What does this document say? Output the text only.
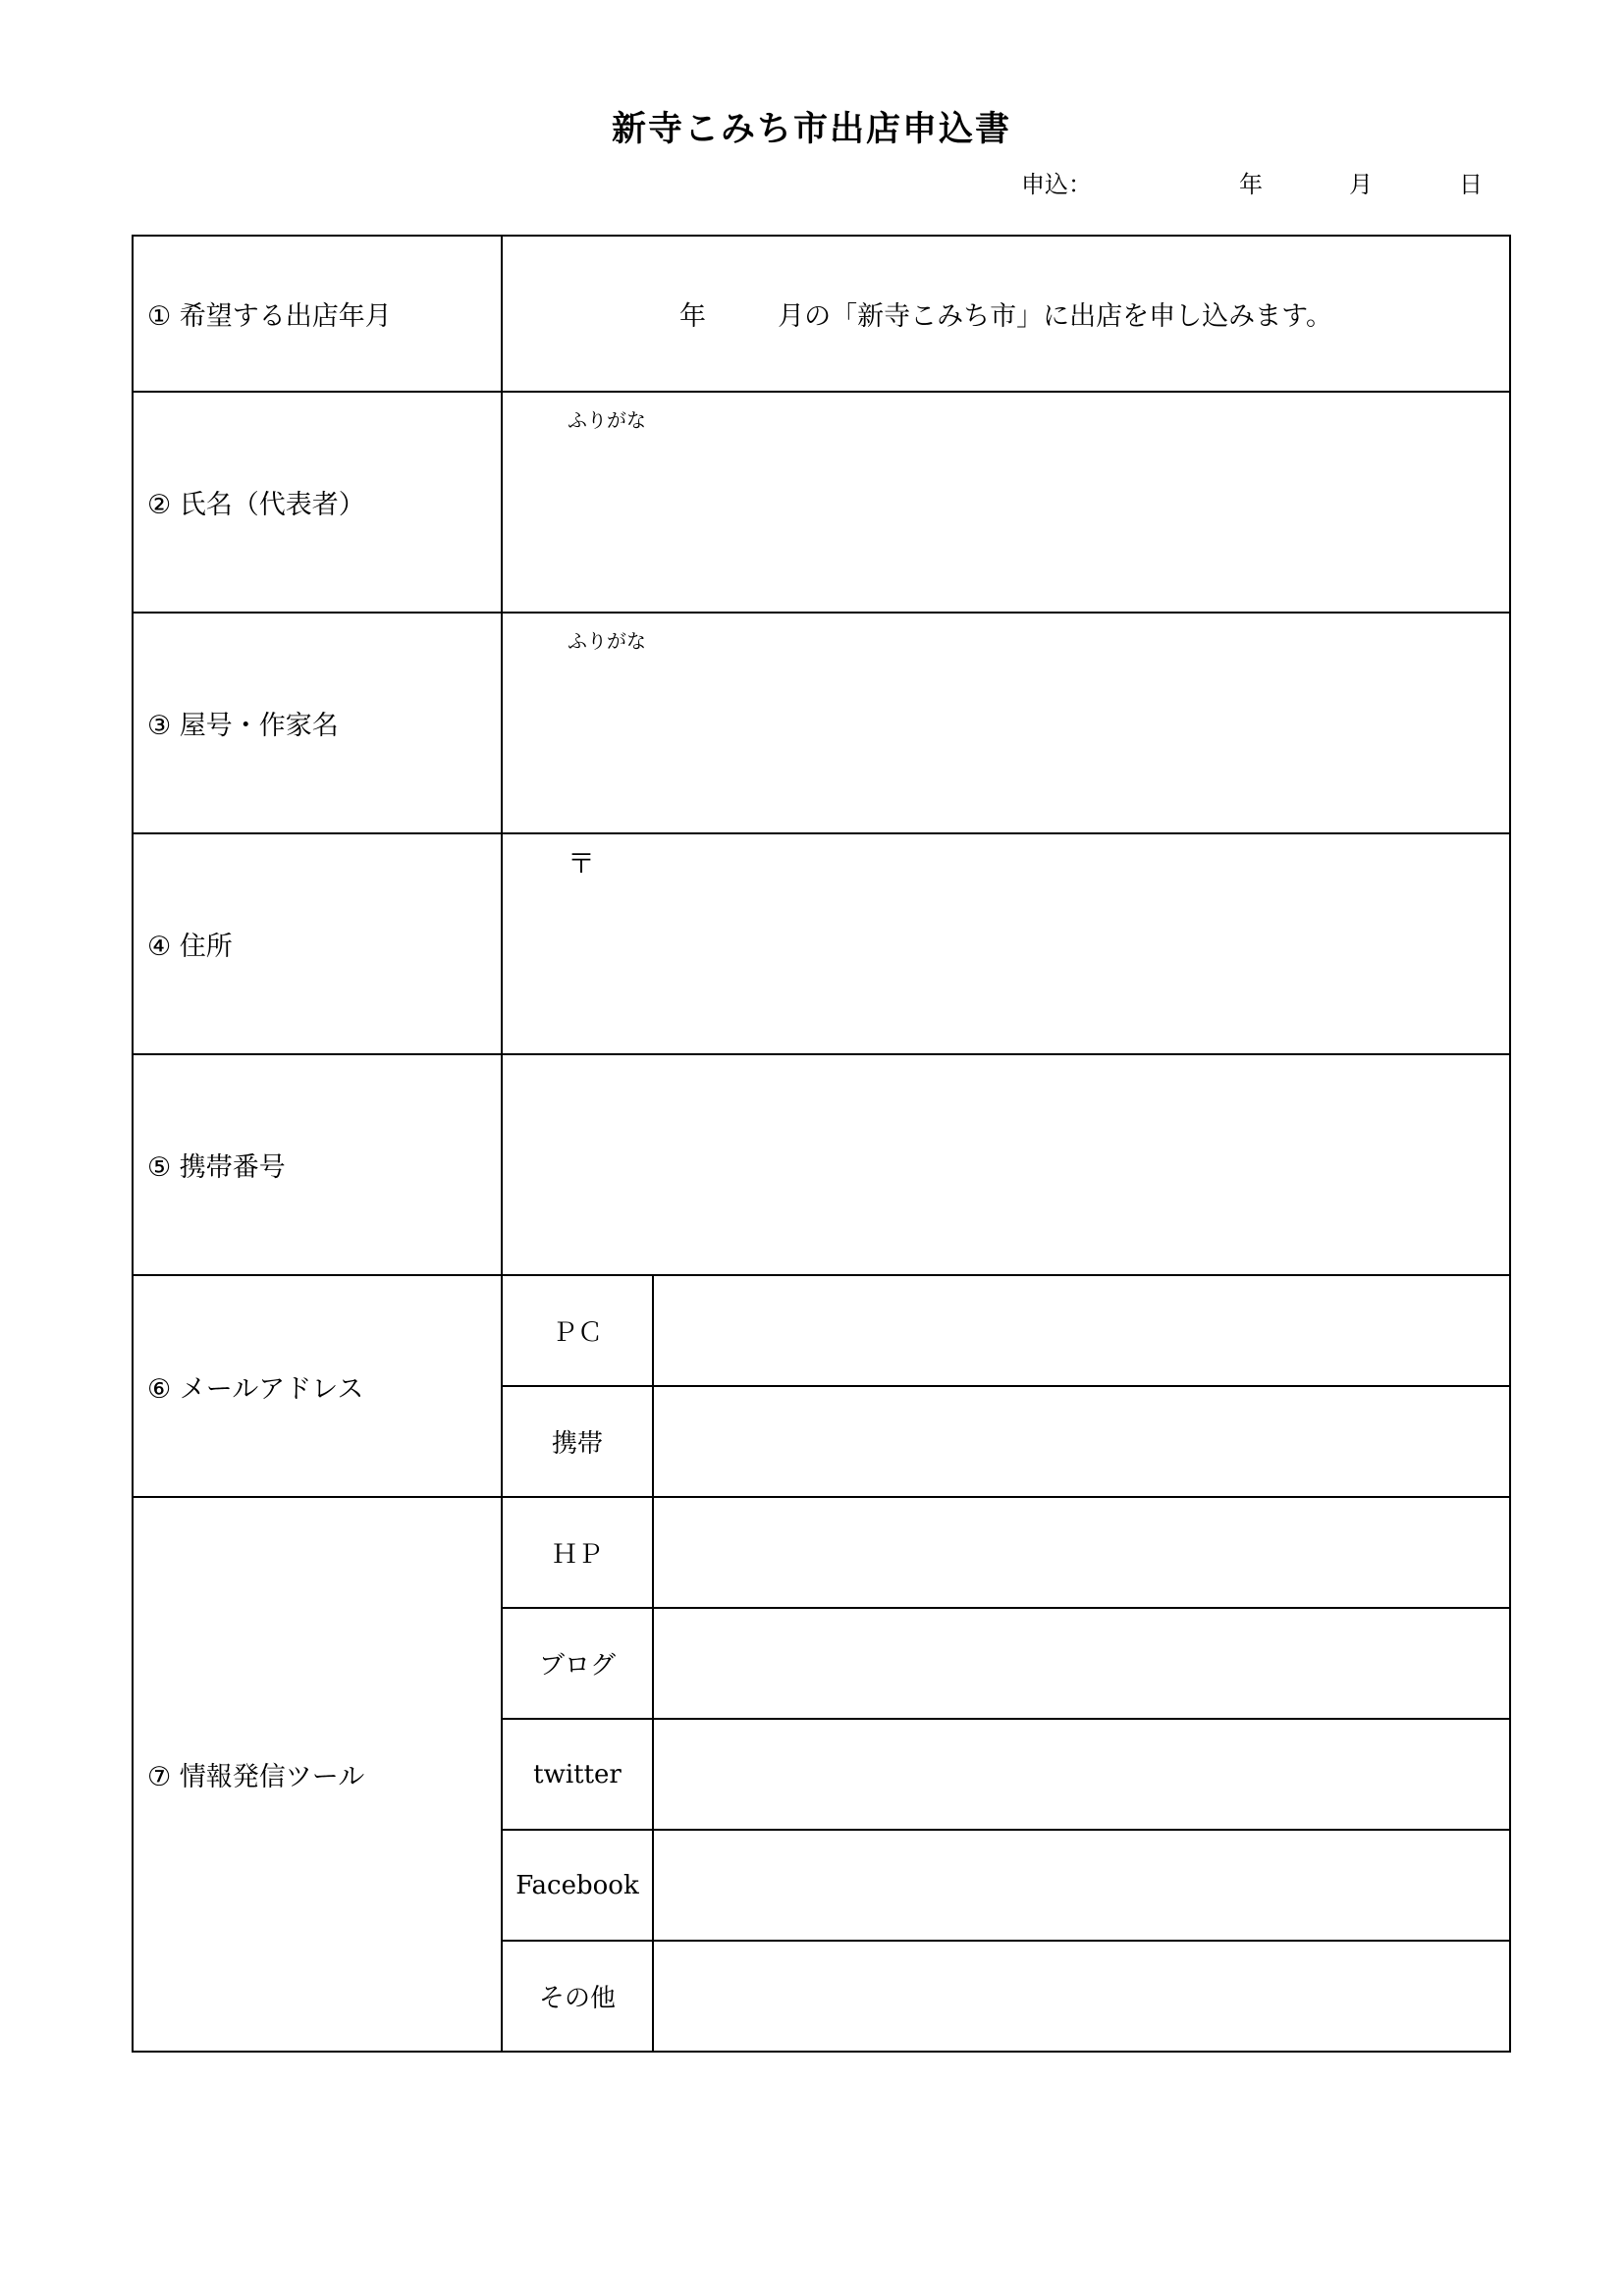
新寺こみち市出店申込書
申込：	年	月	日
① 希望する出店年月	年 月の「新寺こみち市」に出店を申し込みます。	

② 氏名（代表者）	ふりがな	

③ 屋号・作家名	ふりがな	

④ 住所	〒	

⑤ 携帯番号		
⑥ メールアドレス	ＰＣ	
	携帯	
⑦ 情報発信ツール	ＨＰ	
	ブログ	
	twitter	
	Facebook	
	その他	
